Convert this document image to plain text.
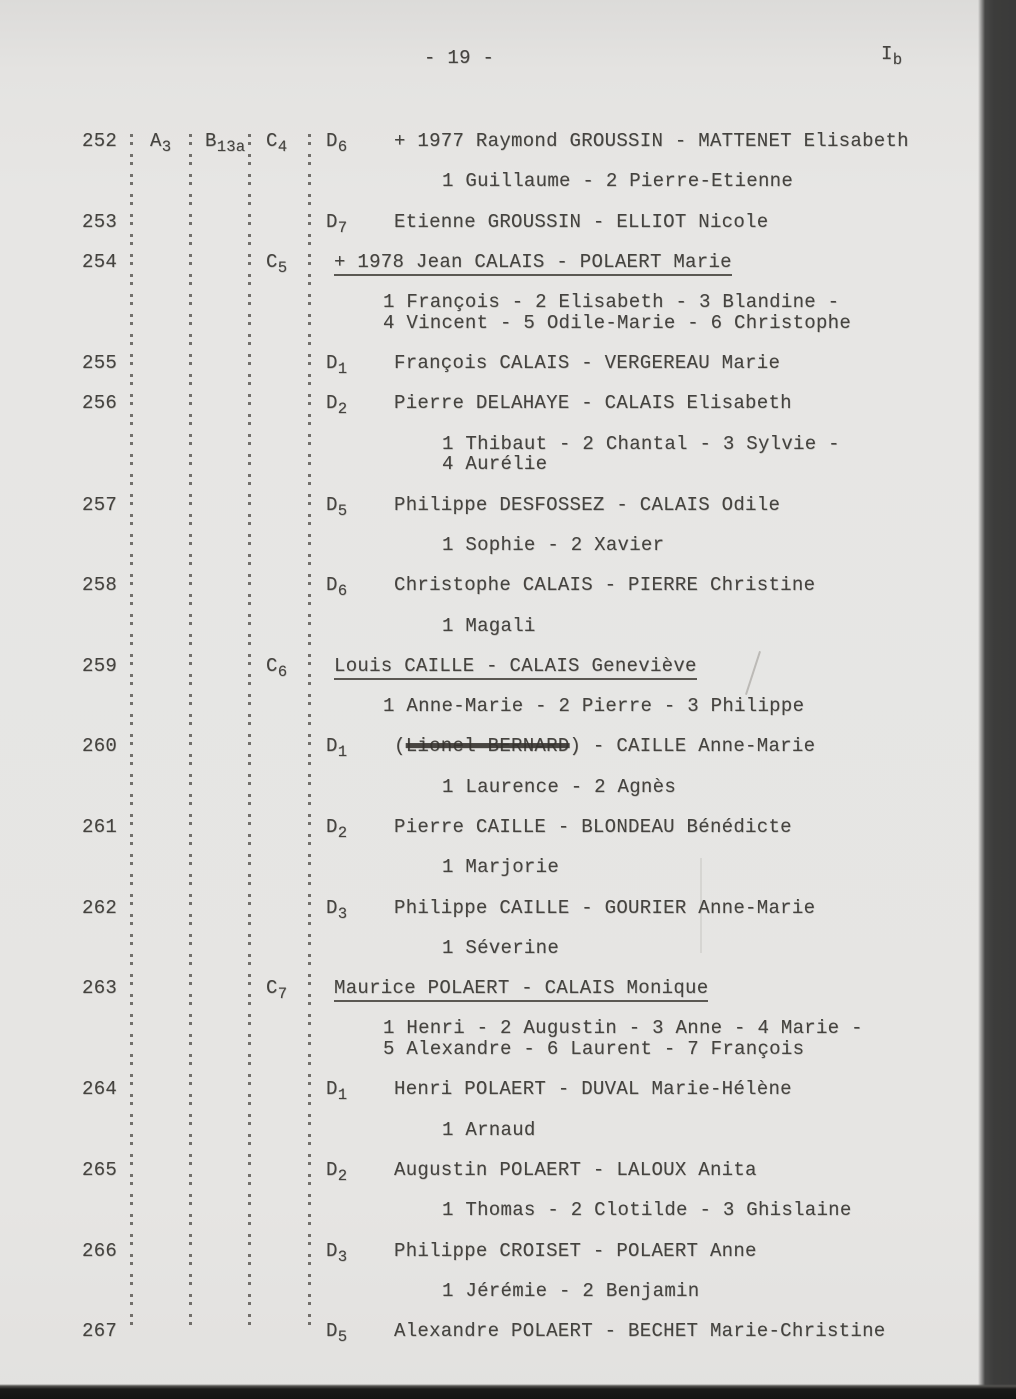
- 19 -	Ib
252 A3 B13a C4 D6 + 1977 Raymond GROUSSIN - MATTENET Elisabeth
1 Guillaume - 2 Pierre-Etienne
253	D7 Etienne GROUSSIN - ELLIOT Nicole
254	C5 + 1978 Jean CALAIS - POLAERT Marie
1 François - 2 Elisabeth - 3 Blandine -
4 Vincent - 5 Odile-Marie - 6 Christophe
255	D1 François CALAIS - VERGEREAU Marie
256	D2 Pierre DELAHAYE - CALAIS Elisabeth
1 Thibaut - 2 Chantal - 3 Sylvie -
4 Aurélie
257	D5 Philippe DESFOSSEZ - CALAIS Odile
1 Sophie - 2 Xavier
258	D6 Christophe CALAIS - PIERRE Christine
1 Magali
259	C6 Louis CAILLE - CALAIS Geneviève
1 Anne-Marie - 2 Pierre - 3 Philippe
260	D1 (Lionel BERNARD) - CAILLE Anne-Marie
1 Laurence - 2 Agnès
261	D2 Pierre CAILLE - BLONDEAU Bénédicte
1 Marjorie
262	D3 Philippe CAILLE - GOURIER Anne-Marie
1 Séverine
263	C7 Maurice POLAERT - CALAIS Monique
1 Henri - 2 Augustin - 3 Anne - 4 Marie -
5 Alexandre - 6 Laurent - 7 François
264	D1 Henri POLAERT - DUVAL Marie-Hélène
1 Arnaud
265	D2 Augustin POLAERT - LALOUX Anita
1 Thomas - 2 Clotilde - 3 Ghislaine
266	D3 Philippe CROISET - POLAERT Anne
1 Jérémie - 2 Benjamin
267	D5 Alexandre POLAERT - BECHET Marie-Christine
